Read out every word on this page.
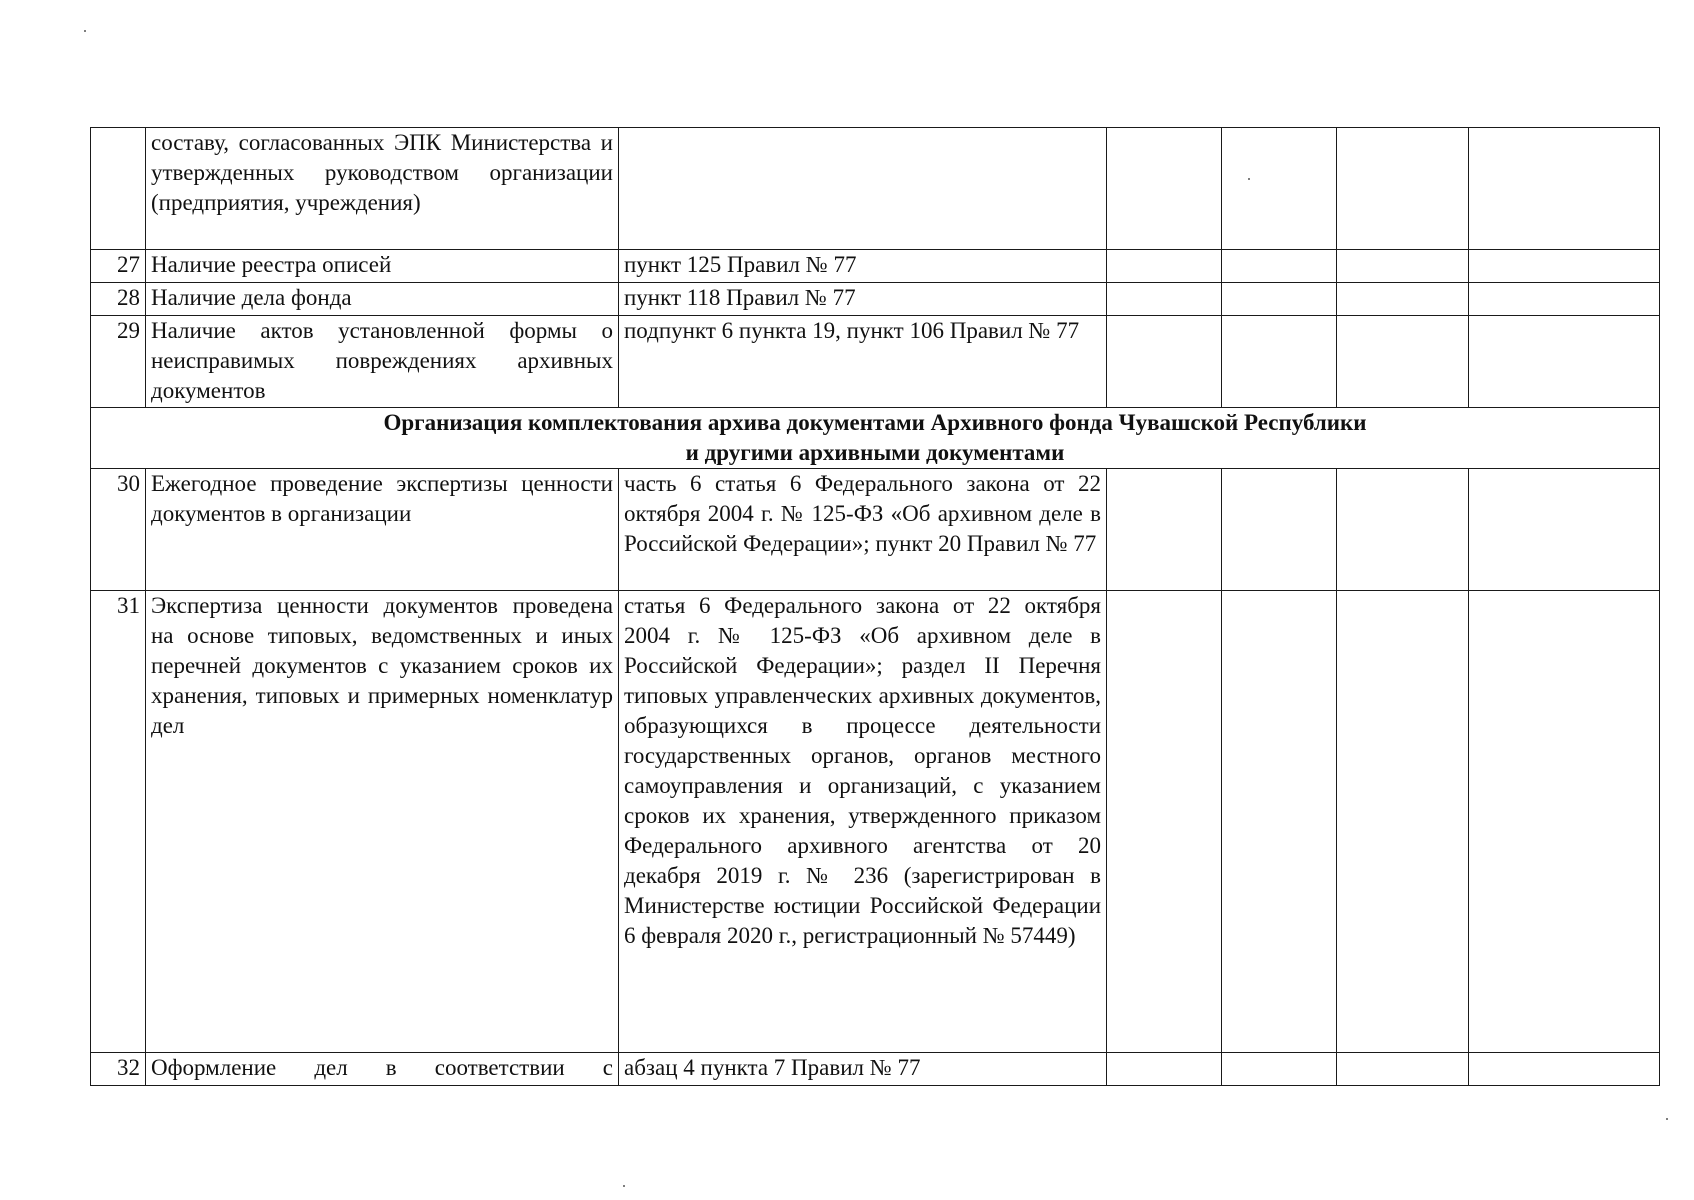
	составу, согласованных ЭПК Министерства и утвержденных руководством организации (предприятия, учреждения)					
27	Наличие реестра описей	пункт 125 Правил № 77				
28	Наличие дела фонда	пункт 118 Правил № 77				
29	Наличие актов установленной формы о неисправимых повреждениях архивных документов	подпункт 6 пункта 19, пункт 106 Правил № 77				

Организация комплектования архива документами Архивного фонда Чувашской Республики
и другими архивными документами						

30	Ежегодное проведение экспертизы ценности документов в организации	часть 6 статья 6 Федерального закона от 22 октября 2004 г. № 125-ФЗ «Об архивном деле в Российской Федерации»; пункт 20 Правил № 77				
31	Экспертиза ценности документов проведена на основе типовых, ведомственных и иных перечней документов с указанием сроков их хранения, типовых и примерных номенклатур дел	статья 6 Федерального закона от 22 октября 2004 г. № 125-ФЗ «Об архивном деле в Российской Федерации»; раздел II Перечня типовых управленческих архивных документов, образующихся в процессе деятельности государственных органов, органов местного самоуправления и организаций, с указанием сроков их хранения, утвержденного приказом Федерального архивного агентства от 20 декабря 2019 г. № 236 (зарегистрирован в Министерстве юстиции Российской Федерации 6 февраля 2020 г., регистрационный № 57449)				
32	Оформление дел в соответствии с	абзац 4 пункта 7 Правил № 77				
